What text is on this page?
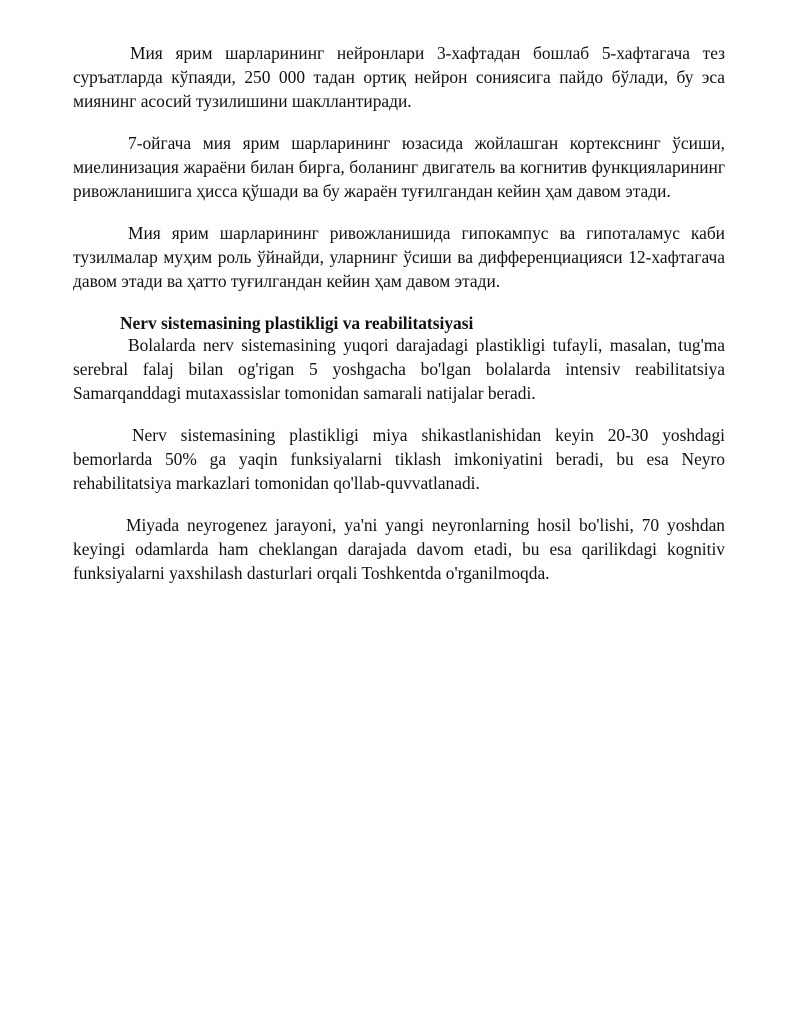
Мия ярим шарларининг нейронлари 3-хафтадан бошлаб 5-хафтагача тез суръатларда кўпаяди, 250 000 тадан ортиқ нейрон сониясига пайдо бўлади, бу эса миянинг асосий тузилишини шакллантиради.

7-ойгача мия ярим шарларининг юзасида жойлашган кортекснинг ўсиши, миелинизация жараёни билан бирга, боланинг двигатель ва когнитив функцияларининг ривожланишига ҳисса қўшади ва бу жараён туғилгандан кейин ҳам давом этади.

Мия ярим шарларининг ривожланишида гипокампус ва гипоталамус каби тузилмалар муҳим роль ўйнайди, уларнинг ўсиши ва дифференциацияси 12-хафтагача давом этади ва ҳатто туғилгандан кейин ҳам давом этади.

Nerv sistemasining plastikligi va reabilitatsiyasi

Bolalarda nerv sistemasining yuqori darajadagi plastikligi tufayli, masalan, tug'ma serebral falaj bilan og'rigan 5 yoshgacha bo'lgan bolalarda intensiv reabilitatsiya Samarqanddagi mutaxassislar tomonidan samarali natijalar beradi.

Nerv sistemasining plastikligi miya shikastlanishidan keyin 20-30 yoshdagi bemorlarda 50% ga yaqin funksiyalarni tiklash imkoniyatini beradi, bu esa Neyro rehabilitatsiya markazlari tomonidan qo'llab-quvvatlanadi.

Miyada neyrogenez jarayoni, ya'ni yangi neyronlarning hosil bo'lishi, 70 yoshdan keyingi odamlarda ham cheklangan darajada davom etadi, bu esa qarilikdagi kognitiv funksiyalarni yaxshilash dasturlari orqali Toshkentda o'rganilmoqda.
